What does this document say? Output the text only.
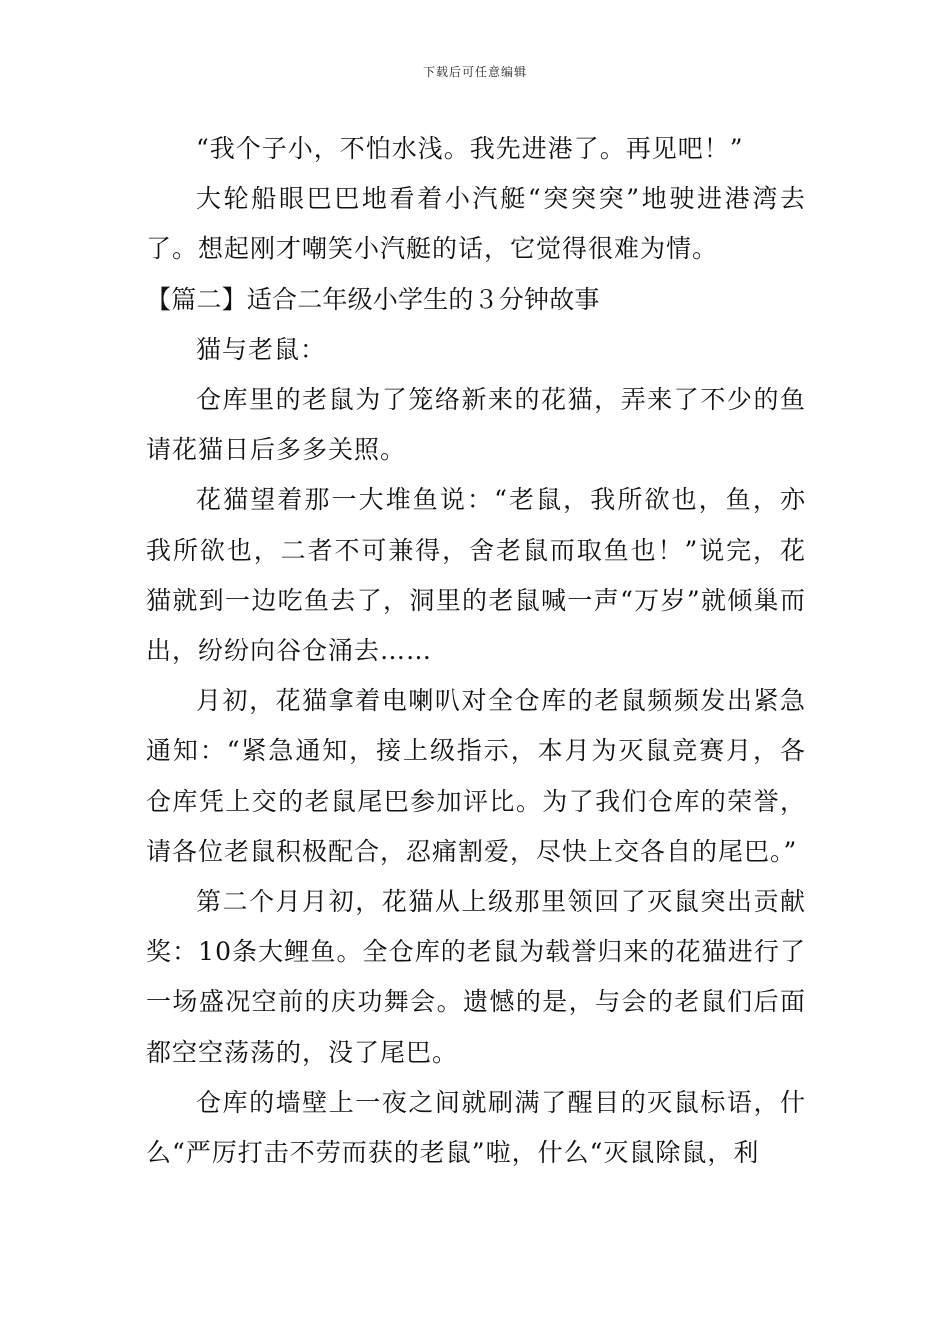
下载后可任意编辑

“我个子小，不怕水浅。我先进港了。再见吧！”

大轮船眼巴巴地看着小汽艇“突突突”地驶进港湾去了。想起刚才嘲笑小汽艇的话，它觉得很难为情。

【篇二】适合二年级小学生的３分钟故事

猫与老鼠：

仓库里的老鼠为了笼络新来的花猫，弄来了不少的鱼请花猫日后多多关照。

花猫望着那一大堆鱼说：“老鼠，我所欲也，鱼，亦我所欲也，二者不可兼得，舍老鼠而取鱼也！”说完，花猫就到一边吃鱼去了，洞里的老鼠喊一声“万岁”就倾巢而出，纷纷向谷仓涌去……

月初，花猫拿着电喇叭对全仓库的老鼠频频发出紧急通知：“紧急通知，接上级指示，本月为灭鼠竞赛月，各仓库凭上交的老鼠尾巴参加评比。为了我们仓库的荣誉，请各位老鼠积极配合，忍痛割爱，尽快上交各自的尾巴。”

第二个月月初，花猫从上级那里领回了灭鼠突出贡献奖：10条大鲤鱼。全仓库的老鼠为载誉归来的花猫进行了一场盛况空前的庆功舞会。遗憾的是，与会的老鼠们后面都空空荡荡的，没了尾巴。

仓库的墙壁上一夜之间就刷满了醒目的灭鼠标语，什么“严厉打击不劳而获的老鼠”啦，什么“灭鼠除鼠，利
